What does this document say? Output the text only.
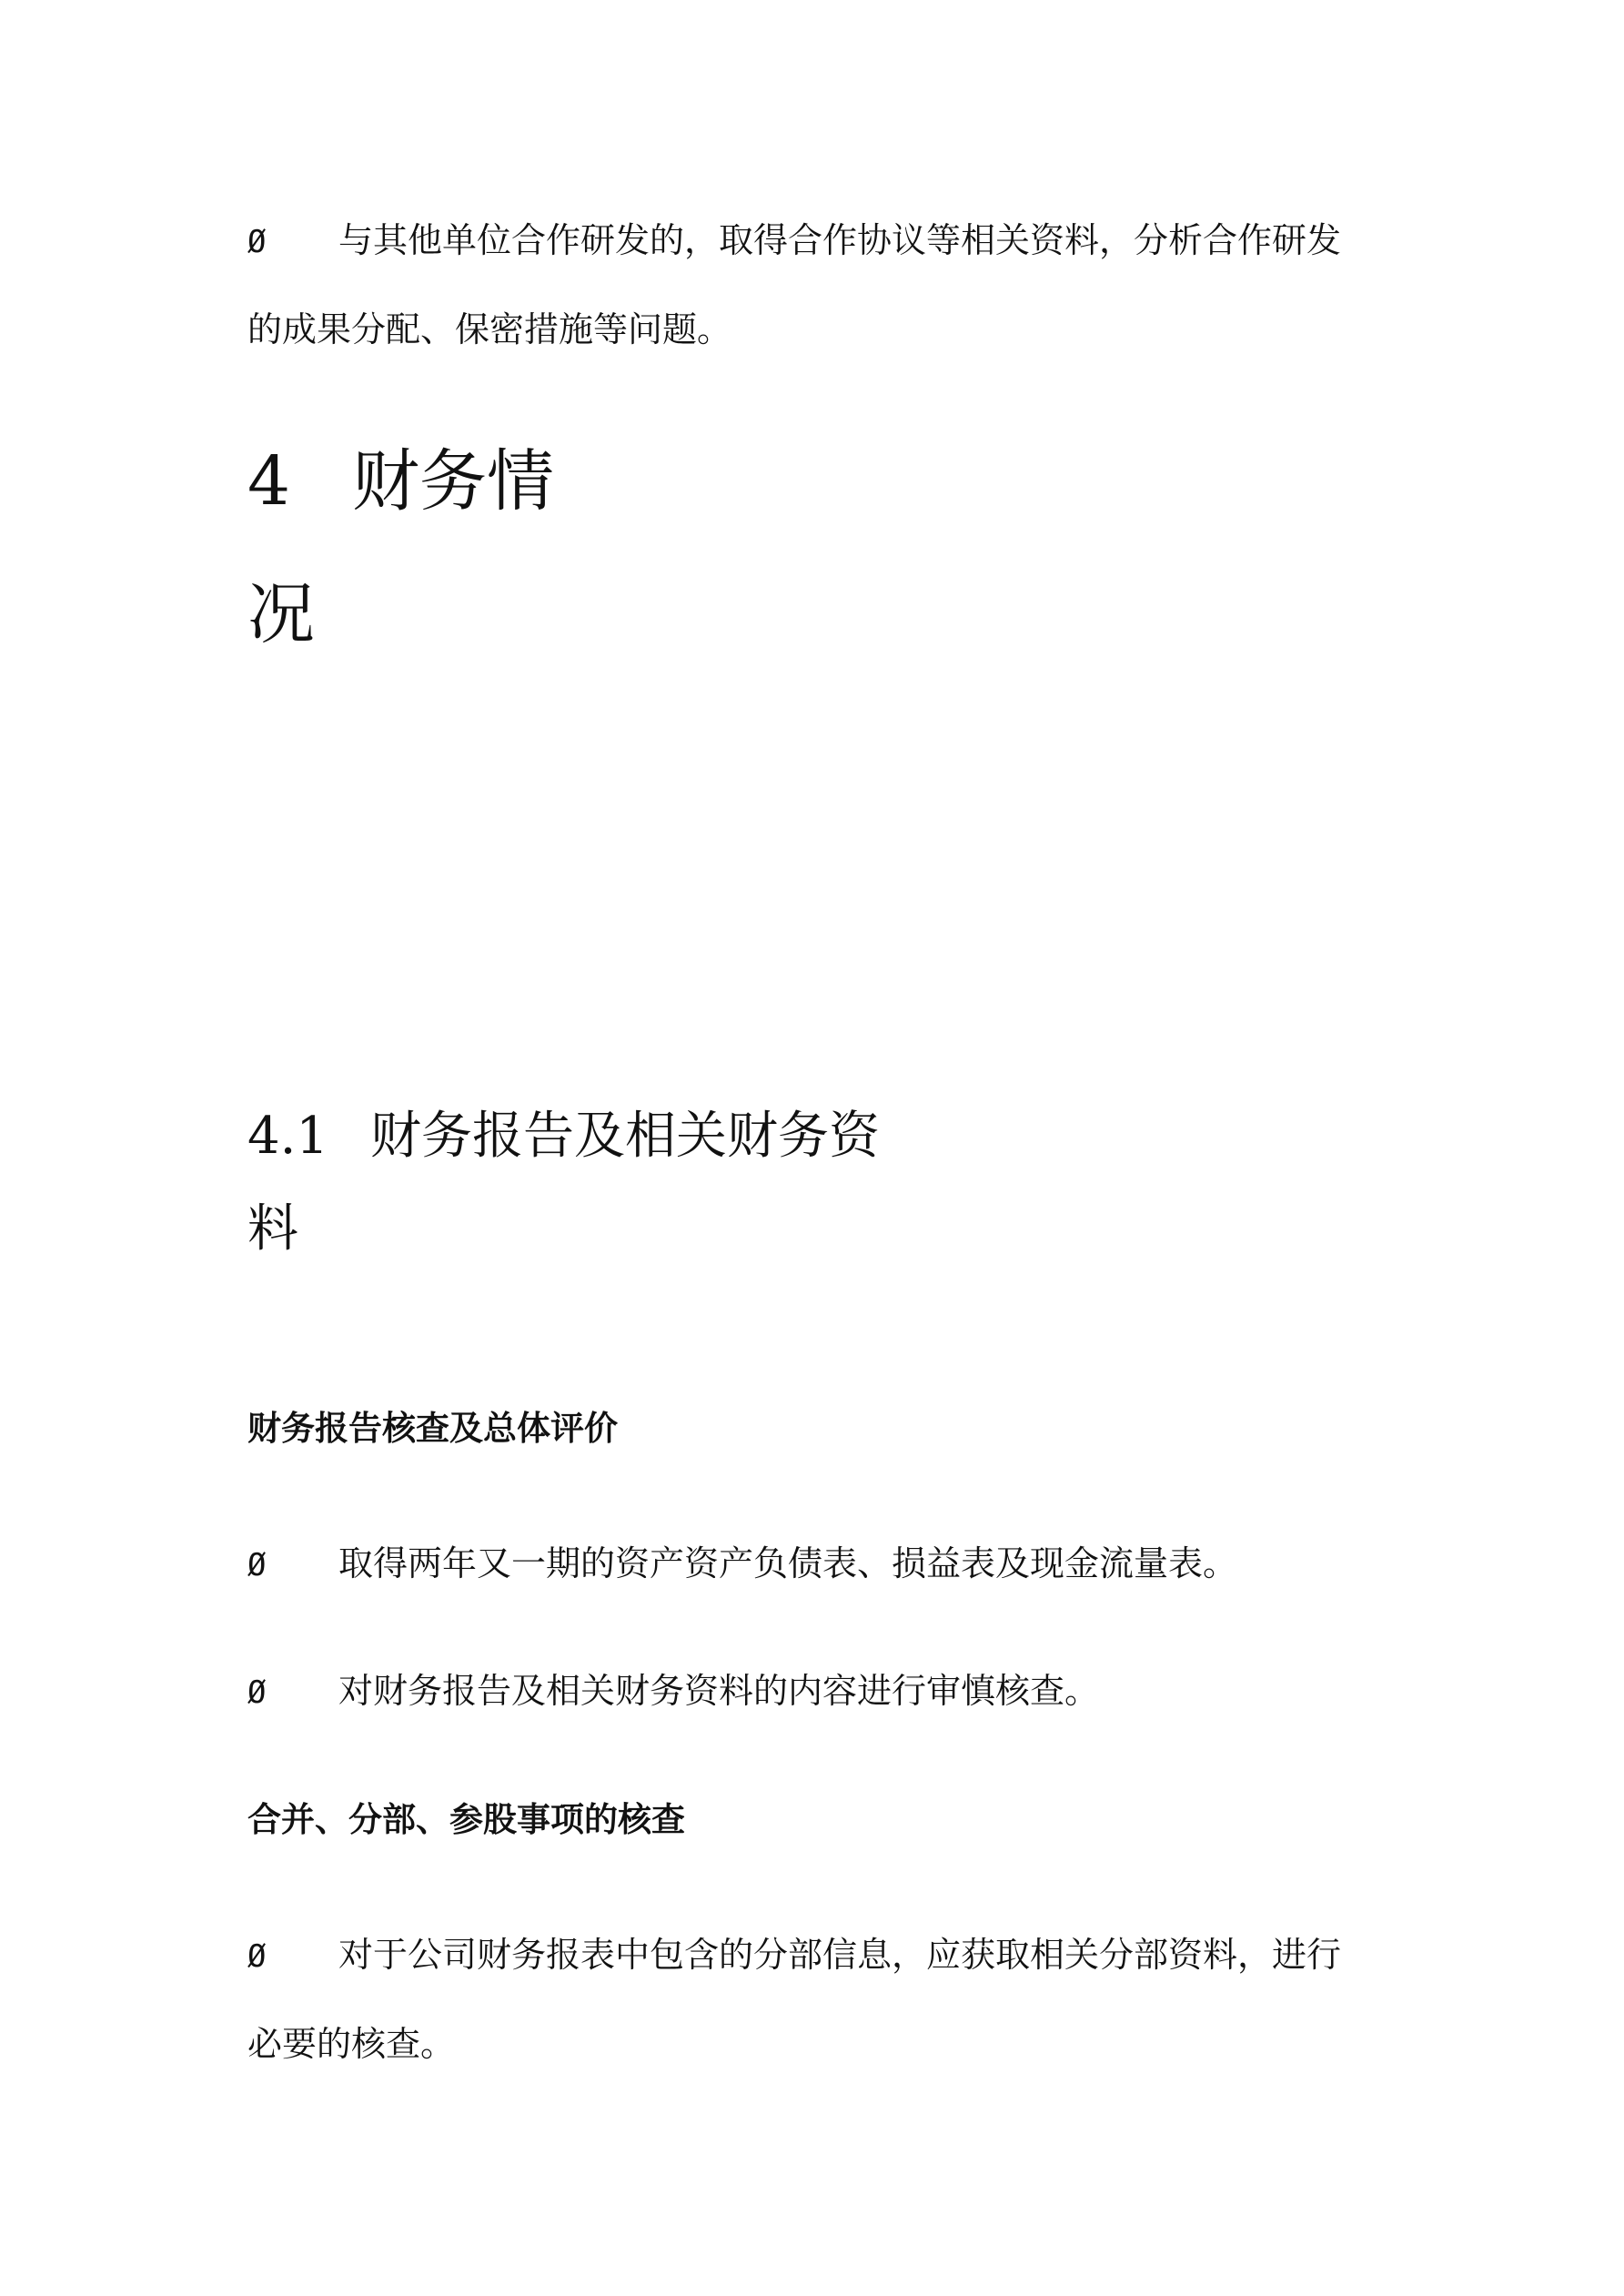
Ø 与其他单位合作研发的，取得合作协议等相关资料，分析合作研发
的成果分配、保密措施等问题。
4 财务情
况
4.1 财务报告及相关财务资
料
财务报告核查及总体评价
Ø 取得两年又一期的资产资产负债表、损益表及现金流量表。
Ø 对财务报告及相关财务资料的内容进行审慎核查。
合并、分部、参股事项的核查
Ø 对于公司财务报表中包含的分部信息，应获取相关分部资料，进行
必要的核查。
